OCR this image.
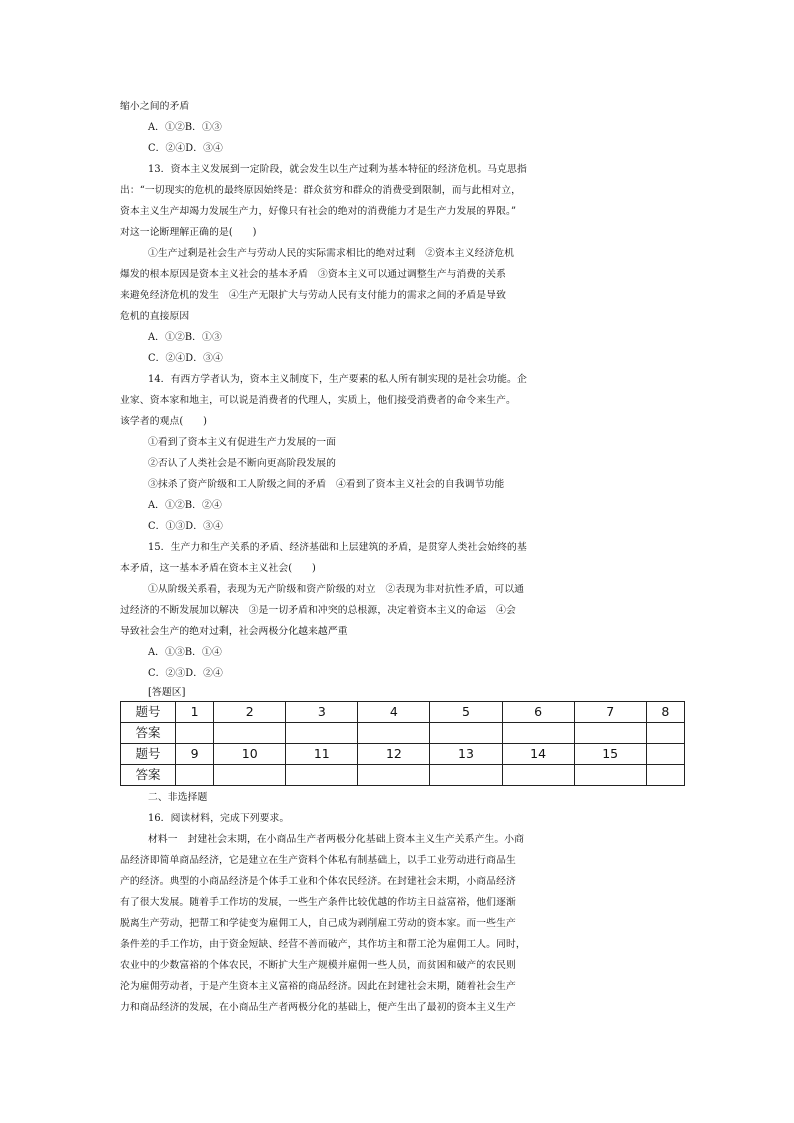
缩小之间的矛盾
A．①②B．①③
C．②④D．③④
13．资本主义发展到一定阶段，就会发生以生产过剩为基本特征的经济危机。马克思指
出：“一切现实的危机的最终原因始终是：群众贫穷和群众的消费受到限制，而与此相对立，
资本主义生产却竭力发展生产力，好像只有社会的绝对的消费能力才是生产力发展的界限。”
对这一论断理解正确的是(　　)
①生产过剩是社会生产与劳动人民的实际需求相比的绝对过剩　②资本主义经济危机
爆发的根本原因是资本主义社会的基本矛盾　③资本主义可以通过调整生产与消费的关系
来避免经济危机的发生　④生产无限扩大与劳动人民有支付能力的需求之间的矛盾是导致
危机的直接原因
A．①②B．①③
C．②④D．③④
14．有西方学者认为，资本主义制度下，生产要素的私人所有制实现的是社会功能。企
业家、资本家和地主，可以说是消费者的代理人，实质上，他们接受消费者的命令来生产。
该学者的观点(　　)
①看到了资本主义有促进生产力发展的一面
②否认了人类社会是不断向更高阶段发展的
③抹杀了资产阶级和工人阶级之间的矛盾　④看到了资本主义社会的自我调节功能
A．①②B．②④
C．①③D．③④
15．生产力和生产关系的矛盾、经济基础和上层建筑的矛盾，是贯穿人类社会始终的基
本矛盾，这一基本矛盾在资本主义社会(　　)
①从阶级关系看，表现为无产阶级和资产阶级的对立　②表现为非对抗性矛盾，可以通
过经济的不断发展加以解决　③是一切矛盾和冲突的总根源，决定着资本主义的命运　④会
导致社会生产的绝对过剩，社会两极分化越来越严重
A．①③B．①④
C．②③D．②④
[答题区]
题号	1	2	3	4	5	6	7	8
答案								
题号	9	10	11	12	13	14	15	
答案								
二、非选择题
16．阅读材料，完成下列要求。
材料一　封建社会末期，在小商品生产者两极分化基础上资本主义生产关系产生。小商
品经济即简单商品经济，它是建立在生产资料个体私有制基础上，以手工业劳动进行商品生
产的经济。典型的小商品经济是个体手工业和个体农民经济。在封建社会末期，小商品经济
有了很大发展。随着手工作坊的发展，一些生产条件比较优越的作坊主日益富裕，他们逐渐
脱离生产劳动，把帮工和学徒变为雇佣工人，自己成为剥削雇工劳动的资本家。而一些生产
条件差的手工作坊，由于资金短缺、经营不善而破产，其作坊主和帮工沦为雇佣工人。同时，
农业中的少数富裕的个体农民，不断扩大生产规模并雇佣一些人员，而贫困和破产的农民则
沦为雇佣劳动者，于是产生资本主义富裕的商品经济。因此在封建社会末期，随着社会生产
力和商品经济的发展，在小商品生产者两极分化的基础上，便产生出了最初的资本主义生产
